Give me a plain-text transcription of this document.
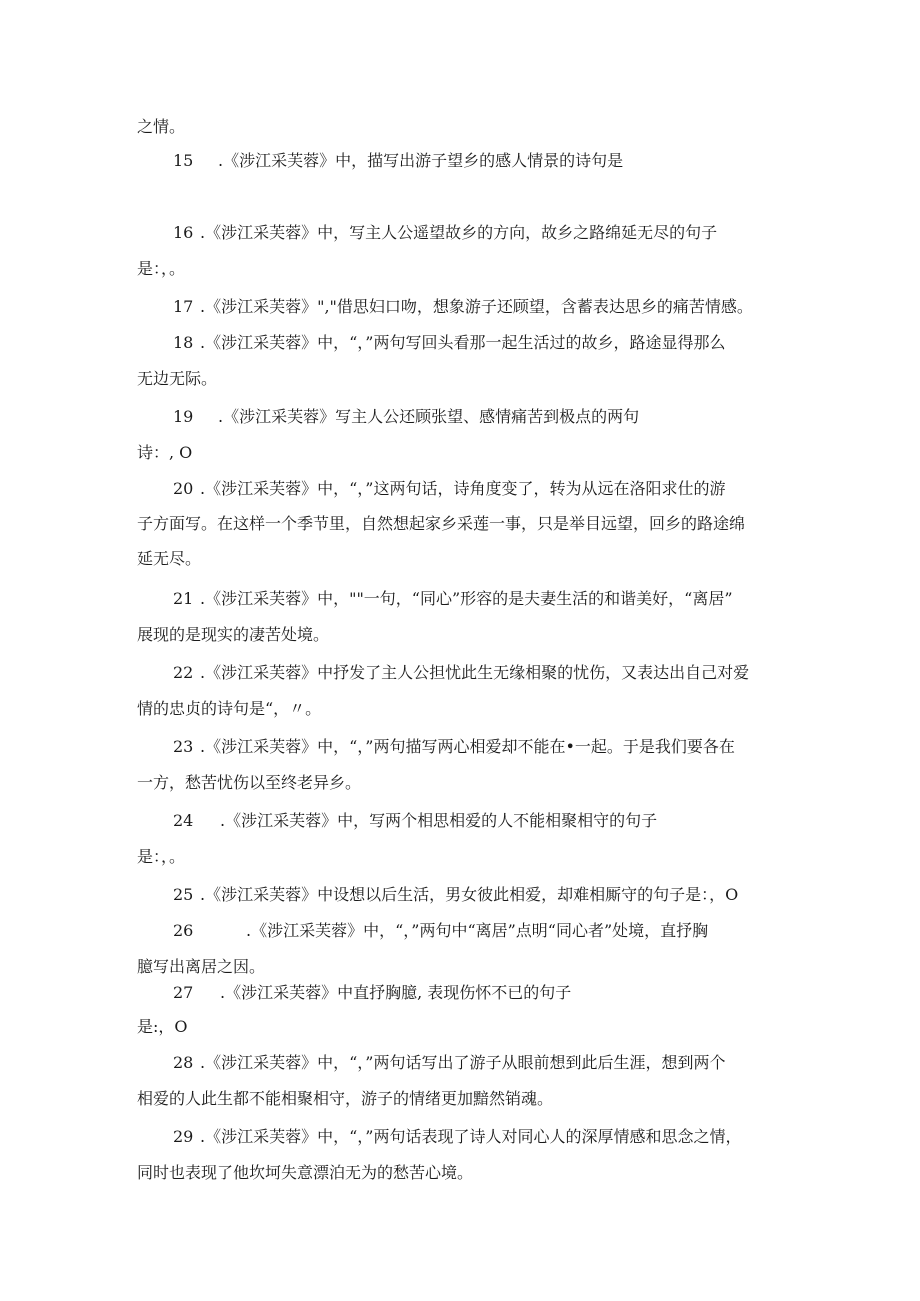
之情。
15 .《涉江采芙蓉》中，描写出游子望乡的感人情景的诗句是
16 .《涉江采芙蓉》中，写主人公遥望故乡的方向，故乡之路绵延无尽的句子
是：，。
17 .《涉江采芙蓉》","借思妇口吻，想象游子还顾望，含蓄表达思乡的痛苦情感。
18 .《涉江采芙蓉》中，“，”两句写回头看那一起生活过的故乡，路途显得那么
无边无际。
19 .《涉江采芙蓉》写主人公还顾张望、感情痛苦到极点的两句
诗：, O
20 .《涉江采芙蓉》中，“，”这两句话，诗角度变了，转为从远在洛阳求仕的游
子方面写。在这样一个季节里，自然想起家乡采莲一事，只是举目远望，回乡的路途绵
延无尽。
21 .《涉江采芙蓉》中，""一句，“同心”形容的是夫妻生活的和谐美好，“离居”
展现的是现实的凄苦处境。
22 .《涉江采芙蓉》中抒发了主人公担忧此生无缘相聚的忧伤，又表达出自己对爱
情的忠贞的诗句是“，〃。
23 .《涉江采芙蓉》中，“，”两句描写两心相爱却不能在•一起。于是我们要各在
一方，愁苦忧伤以至终老异乡。
24 .《涉江采芙蓉》中，写两个相思相爱的人不能相聚相守的句子
是：，。
25 .《涉江采芙蓉》中设想以后生活，男女彼此相爱，却难相厮守的句子是：，O
26	.《涉江采芙蓉》中，“，”两句中“离居”点明“同心者”处境，直抒胸
臆写出离居之因。
27 .《涉江采芙蓉》中直抒胸臆, 表现伤怀不已的句子
是:，O
28 .《涉江采芙蓉》中，“，”两句话写出了游子从眼前想到此后生涯，想到两个
相爱的人此生都不能相聚相守，游子的情绪更加黯然销魂。
29 .《涉江采芙蓉》中，“，”两句话表现了诗人对同心人的深厚情感和思念之情，
同时也表现了他坎坷失意漂泊无为的愁苦心境。
